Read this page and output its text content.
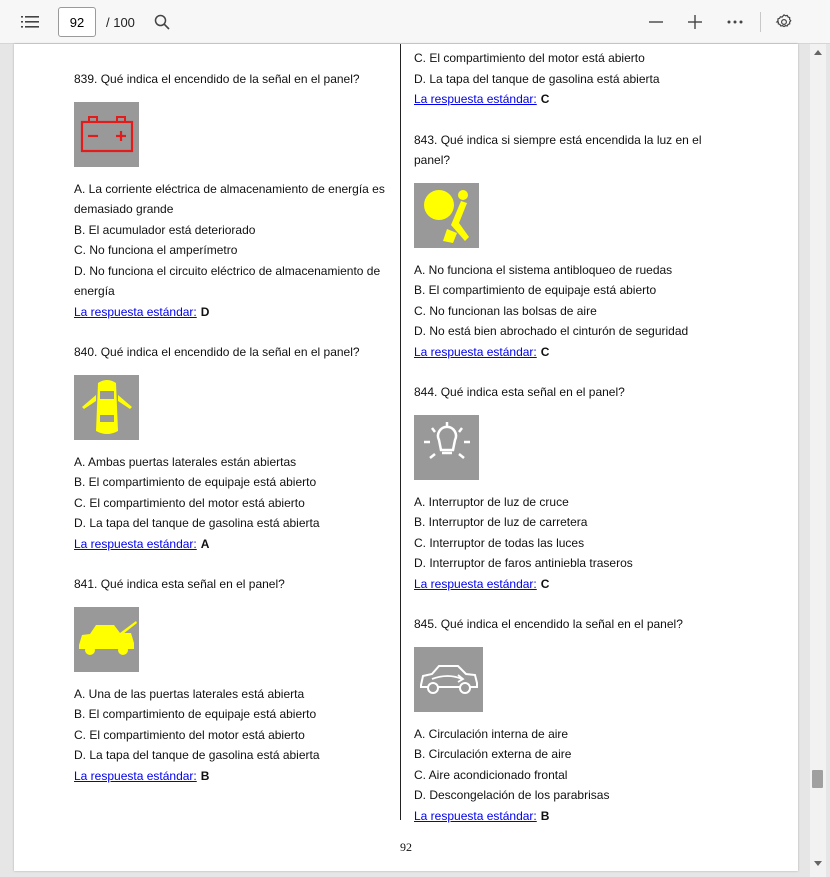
92
/ 100

839. Qué indica el encendido de la señal en el panel?

A. La corriente eléctrica de almacenamiento de energía es demasiado grande

B. El acumulador está deteriorado

C. No funciona el amperímetro

D. No funciona el circuito eléctrico de almacenamiento de energía

La respuesta estándar: D

840. Qué indica el encendido de la señal en el panel?

A. Ambas puertas laterales están abiertas

B. El compartimiento de equipaje está abierto

C. El compartimiento del motor está abierto

D. La tapa del tanque de gasolina está abierta

La respuesta estándar: A

841. Qué indica esta señal en el panel?

A. Una de las puertas laterales está abierta

B. El compartimiento de equipaje está abierto

C. El compartimiento del motor está abierto

D. La tapa del tanque de gasolina está abierta

La respuesta estándar: B

C. El compartimiento del motor está abierto

D. La tapa del tanque de gasolina está abierta

La respuesta estándar: C

843. Qué indica si siempre está encendida la luz en el panel?

A. No funciona el sistema antibloqueo de ruedas

B. El compartimiento de equipaje está abierto

C. No funcionan las bolsas de aire

D. No está bien abrochado el cinturón de seguridad

La respuesta estándar: C

844. Qué indica esta señal en el panel?

A. Interruptor de luz de cruce

B. Interruptor de luz de carretera

C. Interruptor de todas las luces

D. Interruptor de faros antiniebla traseros

La respuesta estándar: C

845. Qué indica el encendido la señal en el panel?

A. Circulación interna de aire

B. Circulación externa de aire

C. Aire acondicionado frontal

D. Descongelación de los parabrisas

La respuesta estándar: B

92
